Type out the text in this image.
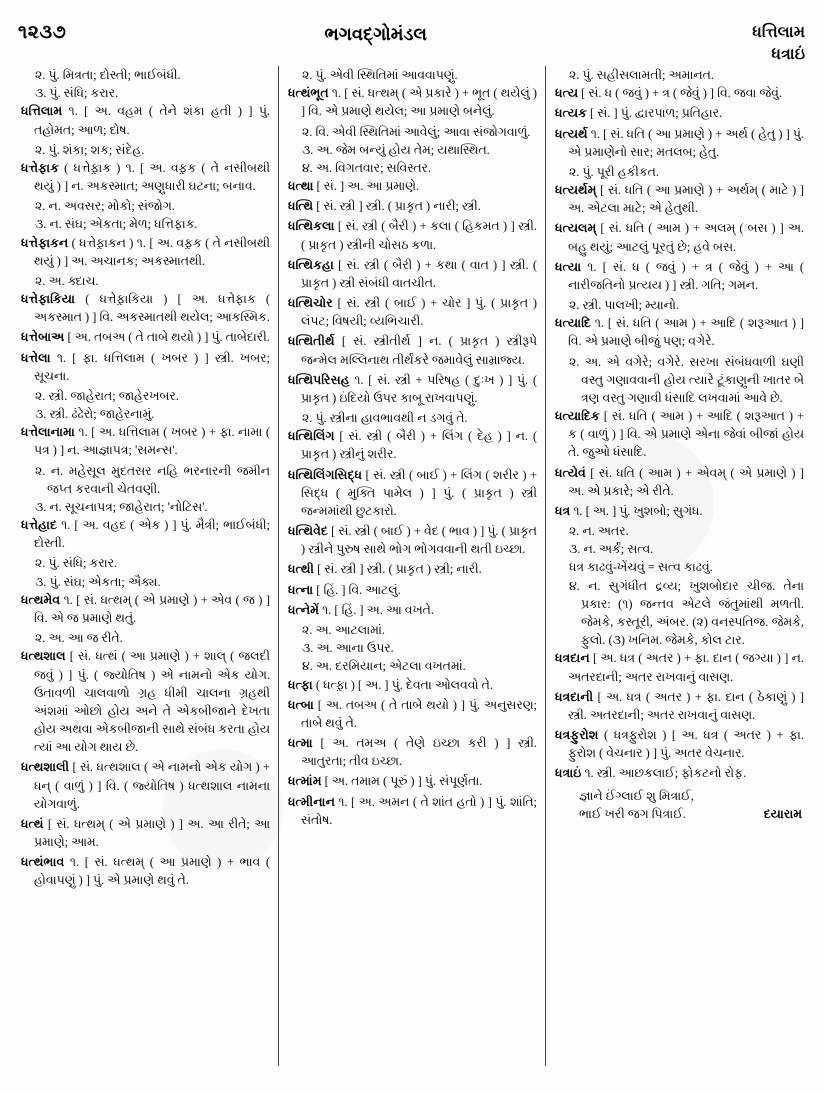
૧૨૩૭	ભગવદ્ગોમંડલ	ધત્તિલામ
ધત્રાઇં
૨. પું. મિત્રતા; દોસ્તી; ભાઈબંધી.
૩. પું. સંધિ; કરાર.
ધત્તિલામ ૧. [ અ. વહમ ( તેને શંકા હતી ) ] પું. તહોમત; આળ; દોષ.
૨. પું. શંકા; શક; સંદેહ.
ધત્તેફાક ( ધત્તેફ઼ાક ) ૧. [ અ. વફ઼ક ( તે નસીબથી થયું ) ] ન. અકસ્માત; અણુધારી ઘટના; બનાવ.
૨. ન. અવસર; મોકો; સંજોગ.
૩. ન. સંઘ; એકતા; મેળ; ધત્તિફાક.
ધત્તેફાકન ( ધત્તેફ઼ાકન ) ૧. [ અ. વફ઼ક ( તે નસીબથી થયું ) ] અ. અચાનક; અકસ્માતથી.
૨. અ. ક્દાચ.
ધત્તેફાકિયા ( ધત્તેફ઼ાકિયા ) [ અ. ધત્તેફાક ( અકસ્માત ) ] વિ. અકસ્માતથી થયેલ; આકસ્મિક.
ધત્તેબાઅ [ અ. તબઅ ( તે તાબે થયો ) ] પું. તાબેદારી.
ધત્તેલા ૧. [ ફા. ધત્તિલામ ( ખબર ) ] સ્ત્રી. ખબર; સૂચના.
૨. સ્ત્રી. જાહેરાત; જાહેરખબર.
૩. સ્ત્રી. ઢંઢેરો; જાહેરનામું.
ધત્તેલાનામા ૧. [ અ. ધત્તિલામ ( ખબર ) + ફા. નામા ( પત્ર ) ] ન. આજ્ઞાપત્ર; 'સમન્સ'.
૨. ન. મહેસૂલ મુદતસર નહિ ભરનારની જમીન જપ્ત કરવાની ચેતવણી.
૩. ન. સૂચનાપત્ર; જાહેરાત; 'નોટિસ'.
ધત્તેહાદ ૧. [ અ. વહદ ( એક ) ] પું. મૈત્રી; ભાઈબંધી; દોસ્તી.
૨. પું. સંધિ; કરાર.
૩. પું. સંઘ; એકતા; ઐક્ય.
ધત્થમેવ ૧. [ સં. ધત્થમ્ ( એ પ્રમાણે ) + એવ ( જ ) ] વિ. એ જ પ્રમાણે થતું.
૨. અ. આ જ રીતે.
ધત્થશાલ [ સં. ધત્થં ( આ પ્રમાણે ) + શાલ્ ( જલદી જવું ) ] પું. ( જ્યોતિષ ) એ નામનો એક યોગ. ઉતાવળી ચાલવાળો ગ્રહ ધીમી ચાલના ગ્રહથી અંશમાં ઓછો હોય અને તે એકબીજાને દેખતા હોય અથવા એકબીજાની સાથે સંબંધ કરતા હોય ત્યાં આ યોગ થાય છે.
ધત્થશાલી [ સં. ધત્થશાલ ( એ નામનો એક યોગ ) + ધન્ ( વાળું ) ] વિ. ( જ્યોતિષ ) ધત્થશાલ નામના યોગવાળું.
ધત્થં [ સં. ધત્થમ્ ( એ પ્રમાણે ) ] અ. આ રીતે; આ પ્રમાણે; આમ.
ધત્થંભાવ ૧. [ સં. ધત્થમ્ ( આ પ્રમાણે ) + ભાવ ( હોવાપણું ) ] પું. એ પ્રમાણે થવું તે.
૨. પું. એવી સ્થિતિમાં આવવાપણું.
ધત્થંભૂત ૧. [ સં. ધત્થમ્ ( એ પ્રકારે ) + ભૂત ( થયેલું ) ] વિ. એ પ્રમાણે થયેલ; આ પ્રમાણે બનેલું.
૨. વિ. એવી સ્થિતિમાં આવેલું; આવા સંજોગવાળું.
૩. અ. જેમ બન્યું હોય તેમ; યથાસ્થિત.
૪. અ. વિગતવાર; સવિસ્તર.
ધત્થા [ સં. ] અ. આ પ્રમાણે.
ધત્થિ [ સં. સ્ત્રી ] સ્ત્રી. ( પ્રાકૃત ) નારી; સ્ત્રી.
ધત્થિકલા [ સં. સ્ત્રી ( બૈરી ) + કલા ( હિકમત ) ] સ્ત્રી. ( પ્રાકૃત ) સ્ત્રીની ચોસઠ કળા.
ધત્થિકહા [ સં. સ્ત્રી ( બૈરી ) + કથા ( વાત ) ] સ્ત્રી. ( પ્રાકૃત ) સ્ત્રી સંબંધી વાતચીત.
ધત્થિચોર [ સં. સ્ત્રી ( બાઈ ) + ચોર ] પું. ( પ્રાકૃત ) લંપટ; વિષયી; વ્યભિચારી.
ધત્થિતીર્થ [ સં. સ્ત્રીતીર્થ ] ન. ( પ્રાકૃત ) સ્ત્રીરૂપે જન્મેલ મલ્લિનાથ તીર્થંકરે જમાવેલું સામ્રાજ્ય.
ધત્થિપરિસહ ૧. [ સં. સ્ત્રી + પરિષહ ( દુઃખ ) ] પું. ( પ્રાકૃત ) ઇંદિયો ઉપર કાબૂ રાખવાપણું.
૨. પું. સ્ત્રીના હાવભાવથી ન ડગવું તે.
ધત્થિલિંગ [ સં. સ્ત્રી ( બૈરી ) + લિંગ ( દેહ ) ] ન. ( પ્રાકૃત ) સ્ત્રીનું શરીર.
ધત્થિલિંગસિદ્ધ [ સં. સ્ત્રી ( બાઈ ) + લિંગ ( શરીર ) + સિદ્ધ ( મુક્તિ પામેલ ) ] પું. ( પ્રાકૃત ) સ્ત્રી જન્મમાંથી છુટકારો.
ધત્થિવેદ [ સં. સ્ત્રી ( બાઈ ) + વેદ ( ભાવ ) ] પું. ( પ્રાકૃત ) સ્ત્રીને પુરુષ સાથે ભોગ ભોગવવાની થતી ઇચ્છા.
ધત્થી [ સં. સ્ત્રી ] સ્ત્રી. ( પ્રાકૃત ) સ્ત્રી; નારી.
ધત્ના [ હિં. ] વિ. આટલું.
ધત્નેમેં ૧. [ હિં. ] અ. આ વખતે.
૨. અ. આટલામાં.
૩. અ. આના ઉપર.
૪. અ. દરમિયાન; એટલા વખતમાં.
ધત્ફા ( ધત્ફ઼ા ) [ અ. ] પું. દેવતા ઓલવવો તે.
ધત્બા [ અ. તબઅ ( તે તાબે થયો ) ] પું. અનુસરણ; તાબે થવું તે.
ધત્મા [ અ. તમઅ ( તેણે ઇચ્છા કરી ) ] સ્ત્રી. આતુરતા; તીવ ઇચ્છા.
ધત્માંમ [ અ. તમામ ( પૂરું ) ] પું. સંપૂર્ણતા.
ધત્મીનાન ૧. [ અ. અમન ( તે શાંત હતો ) ] પું. શાંતિ; સંતોષ.
૨. પું. સહીસલામતી; અમાનત.
ધત્ય [ સં. ધ ( જવું ) + ત્ર ( જેવું ) ] વિ. જવા જેવું.
ધત્યક [ સં. ] પું. દ્વારપાળ; પ્રતિહાર.
ધત્યર્થ ૧. [ સં. ધતિ ( આ પ્રમાણે ) + અર્થ ( હેતુ ) ] પું. એ પ્રમાણેનો સાર; મતલબ; હેતુ.
૨. પું. પૂરી હકીકત.
ધત્યર્થમ્ [ સં. ધતિ ( આ પ્રમાણે ) + અર્થમ્ ( માટે ) ] અ. એટલા માટે; એ હેતુથી.
ધત્યલમ્ [ સં. ધતિ ( આમ ) + અલમ્ ( બસ ) ] અ. બહુ થયું; આટલું પૂરતું છે; હવે બસ.
ધત્યા ૧. [ સં. ધ ( જવું ) + ત્ર ( જેવું ) + આ ( નારીજતિનો પ્રત્યય ) ] સ્ત્રી. ગતિ; ગમન.
૨. સ્ત્રી. પાલખી; મ્યાનો.
ધત્યાદિ ૧. [ સં. ધતિ ( આમ ) + આદિ ( શરૂઆત ) ] વિ. એ પ્રમાણે બીજું પણ; વગેરે.
૨. અ. એ વગેરે; વગેરે. સરખા સંબંધવાળી ઘણી વસ્તુ ગણાવવાની હોય ત્યારે ટૂંકાણુની ખાતર બે ત્રણ વસ્તુ ગણાવી ધંસાદિ લખવામાં આવે છે.
ધત્યાદિક [ સં. ધતિ ( આમ ) + આદિ ( શરૂઆત ) + ક ( વાળું ) ] વિ. એ પ્રમાણે એના જેવાં બીજાં હોય તે. જુઓ ધંસાદિ.
ધત્યેવં [ સં. ધતિ ( આમ ) + એવમ્ ( એ પ્રમાણે ) ] અ. એ પ્રકારે; એ રીતે.
ધત્ર ૧. [ અ. ] પું. ખુશબો; સુગંધ.
૨. ન. અતર.
૩. ન. અર્કં; સત્વ.
ધત્ર કાઢવું-ખેંચવું = સત્વ કાઢવું.
૪. ન. સુગંધીત દ્રવ્ય; ખુશબોદાર ચીજ. તેના પ્રકાર: (૧) જન્તવ એટલે જંતુમાંથી મળતી. જેમકે, કસ્તૂરી, અંબર. (૨) વનસ્પતિજ. જેમકે, ફુલો. (૩) ખનિમ. જેમકે, કોલ ટાર.
ધત્રદાન [ અ. ધત્ર ( અતર ) + ફા. દાન ( જગ્યા ) ] ન. અતરદાની; અતર રાખવાનું વાસણ.
ધત્રદાની [ અ. ધત્ર ( અતર ) + ફા. દાન ( ઠેકાણું ) ] સ્ત્રી. અતરદાની; અતર રાખવાનું વાસણ.
ધત્રફુરોશ ( ધત્રફ઼ુરોશ ) [ અ. ધત્ર ( અતર ) + ફા. ફુરોશ ( વેચનાર ) ] પું. અતર વેચનાર.
ધત્રાઇં ૧. સ્ત્રી. આછકલાઈ; ફોકટનો રોફ.
જ્ઞાને ઈંગ્લાઈ શુ મિત્રાઈ,
દયારામ
ભાઈ ખરી જગ પિત્રાઈ.
